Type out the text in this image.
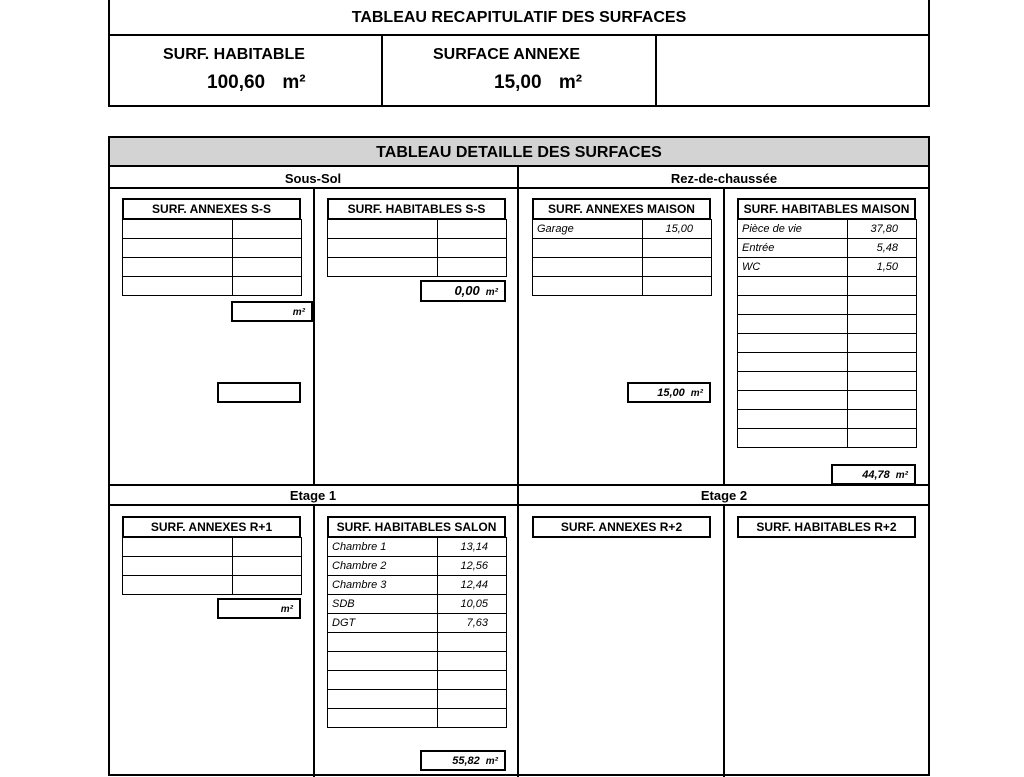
TABLEAU RECAPITULATIF DES SURFACES
SURF. HABITABLE
100,60 m²
SURFACE ANNEXE
15,00 m²
TABLEAU DETAILLE DES SURFACES
Sous-Sol	Rez-de-chaussée
Etage 1	Etage 2
SURF. ANNEXES S-S

m²
SURF. HABITABLES S-S

0,00 m²
SURF. ANNEXES MAISON
Garage	15,00

15,00 m²
SURF. HABITABLES MAISON
Pièce de vie	37,80
Entrée	5,48
WC	1,50

44,78 m²
SURF. ANNEXES R+1

m²
SURF. HABITABLES SALON
Chambre 1	13,14
Chambre 2	12,56
Chambre 3	12,44
SDB	10,05
DGT	7,63

55,82 m²
SURF. ANNEXES R+2	SURF. HABITABLES R+2
